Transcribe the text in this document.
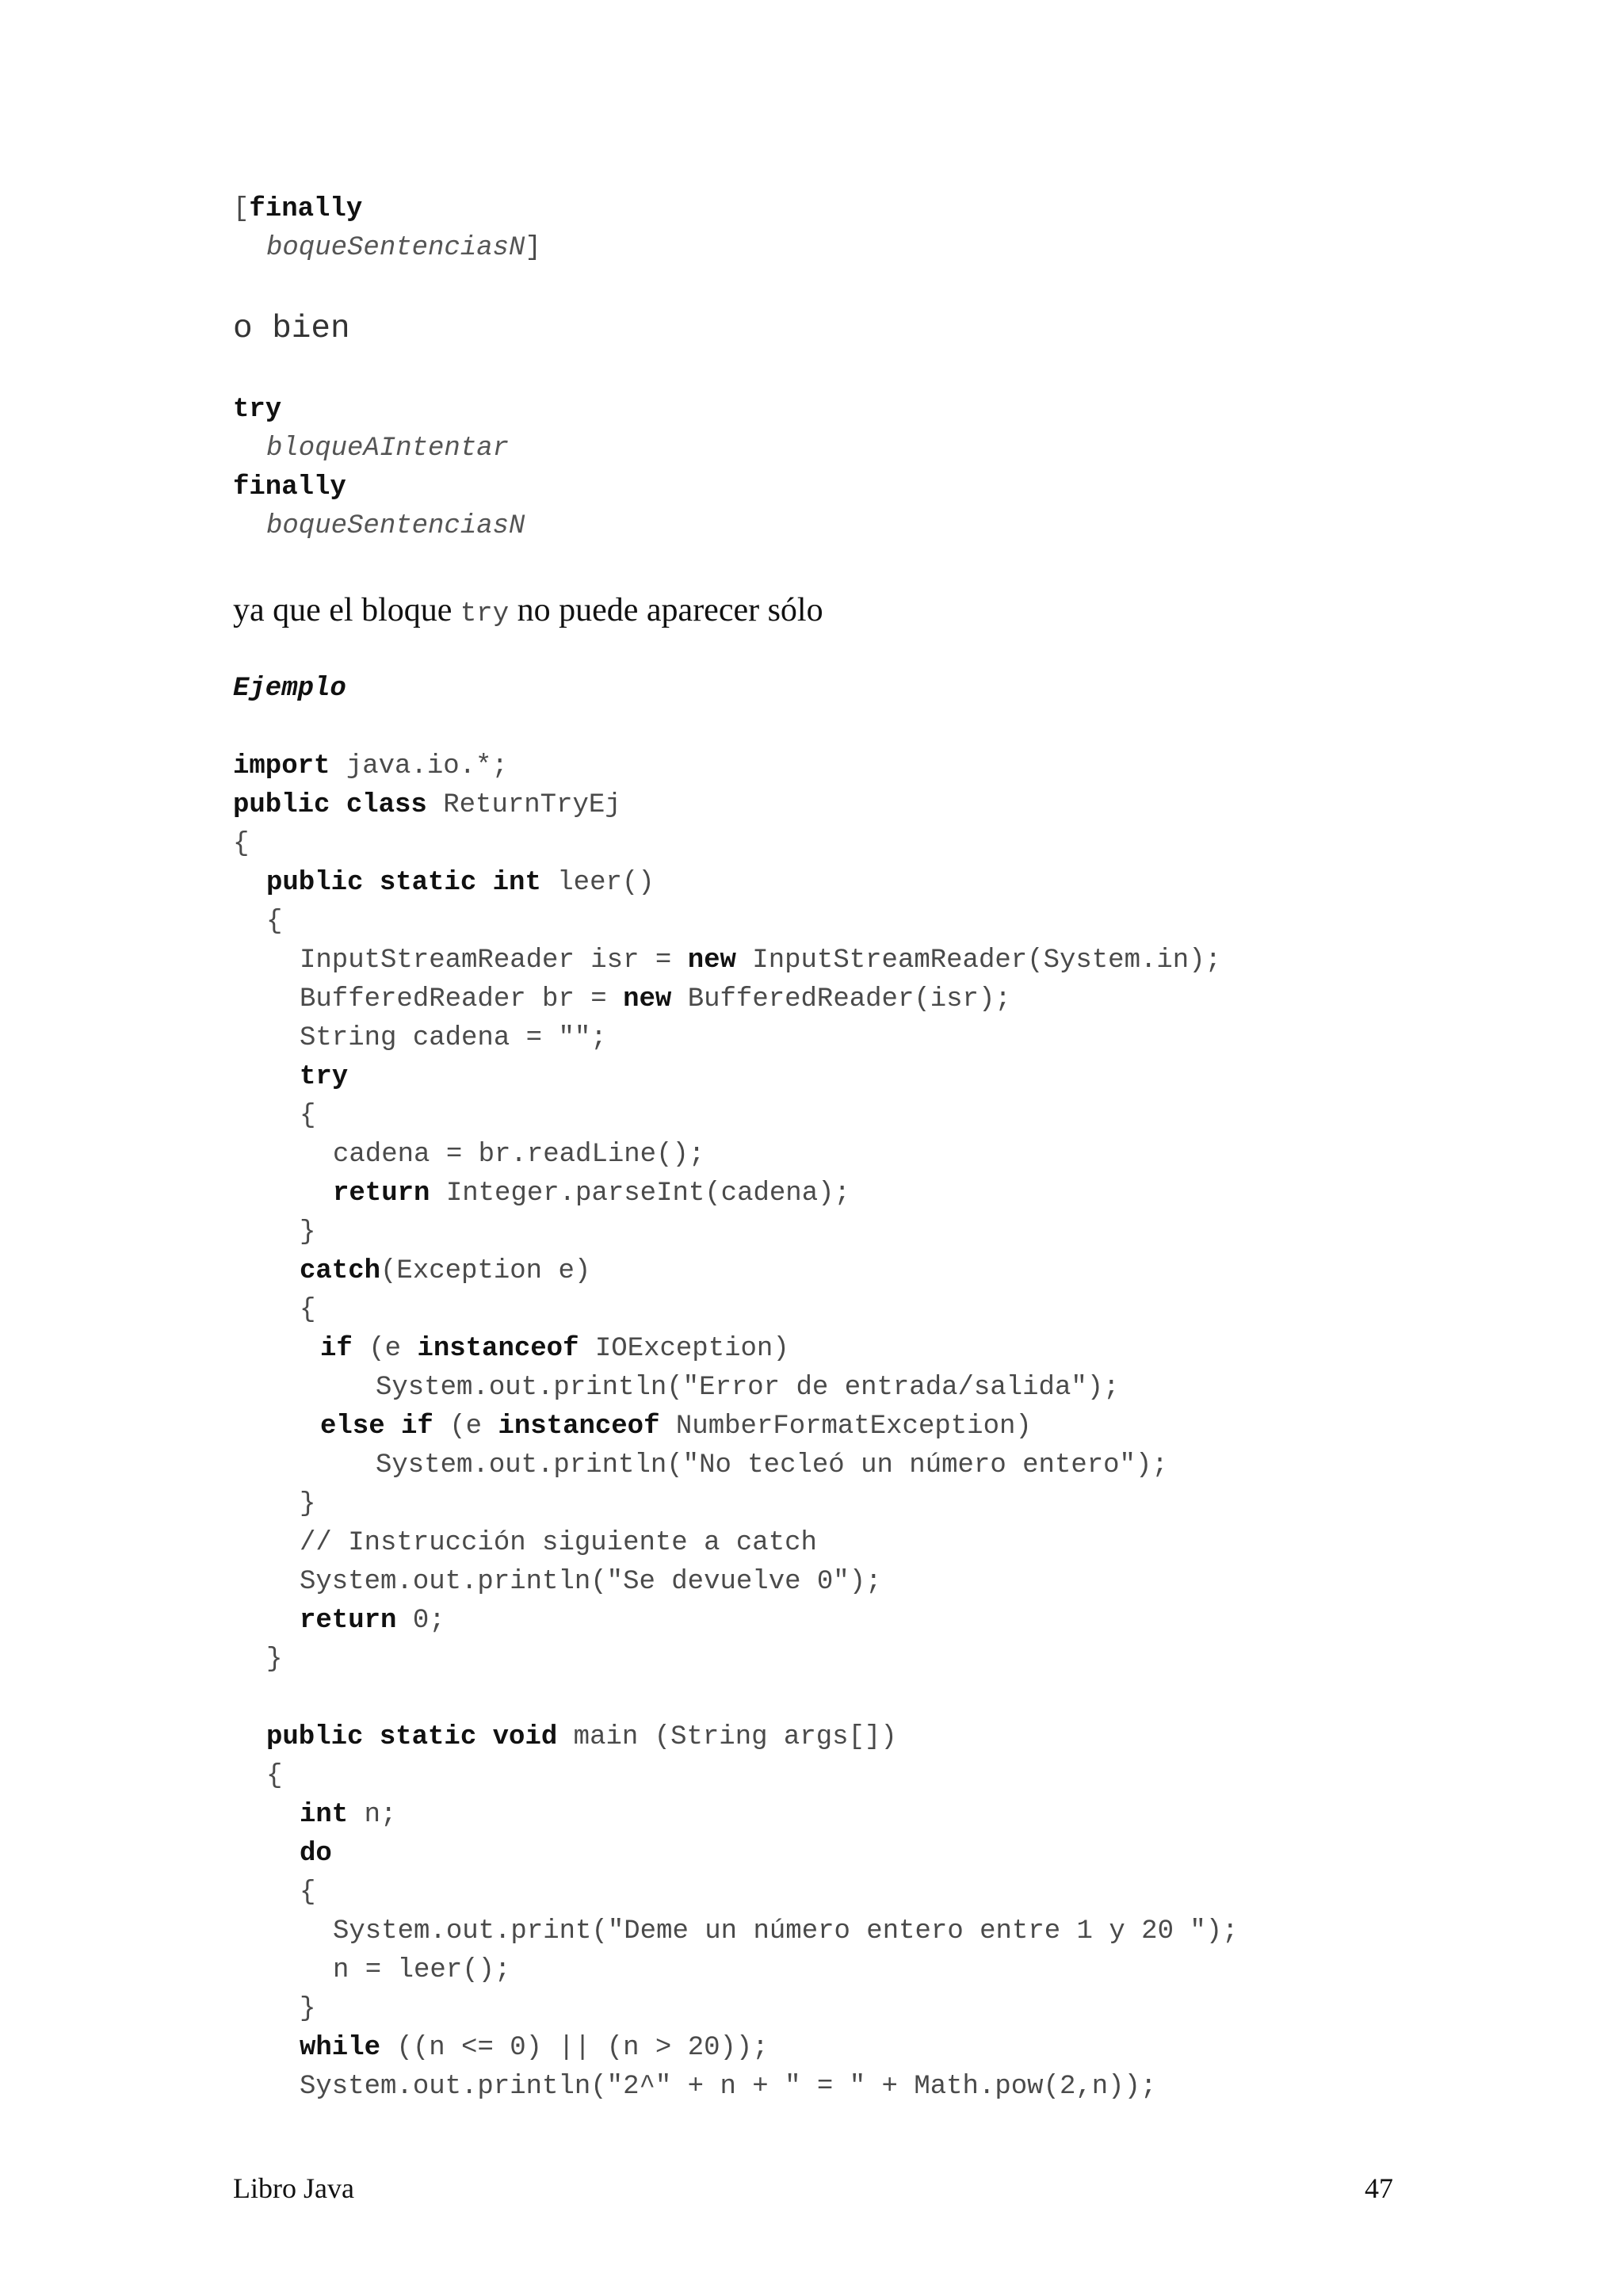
[finally
boqueSentenciasN]
o bien
try
bloqueAIntentar
finally
boqueSentenciasN
ya que el bloque try no puede aparecer sólo
Ejemplo
import java.io.*;
public class ReturnTryEj
{
public static int leer()
{
InputStreamReader isr = new InputStreamReader(System.in);
BufferedReader br = new BufferedReader(isr);
String cadena = "";
try
{
cadena = br.readLine();
return Integer.parseInt(cadena);
}
catch(Exception e)
{
if (e instanceof IOException)
System.out.println("Error de entrada/salida");
else if (e instanceof NumberFormatException)
System.out.println("No tecleó un número entero");
}
// Instrucción siguiente a catch
System.out.println("Se devuelve 0");
return 0;
}
public static void main (String args[])
{
int n;
do
{
System.out.print("Deme un número entero entre 1 y 20 ");
n = leer();
}
while ((n <= 0) || (n > 20));
System.out.println("2^" + n + " = " + Math.pow(2,n));
Libro Java	47
